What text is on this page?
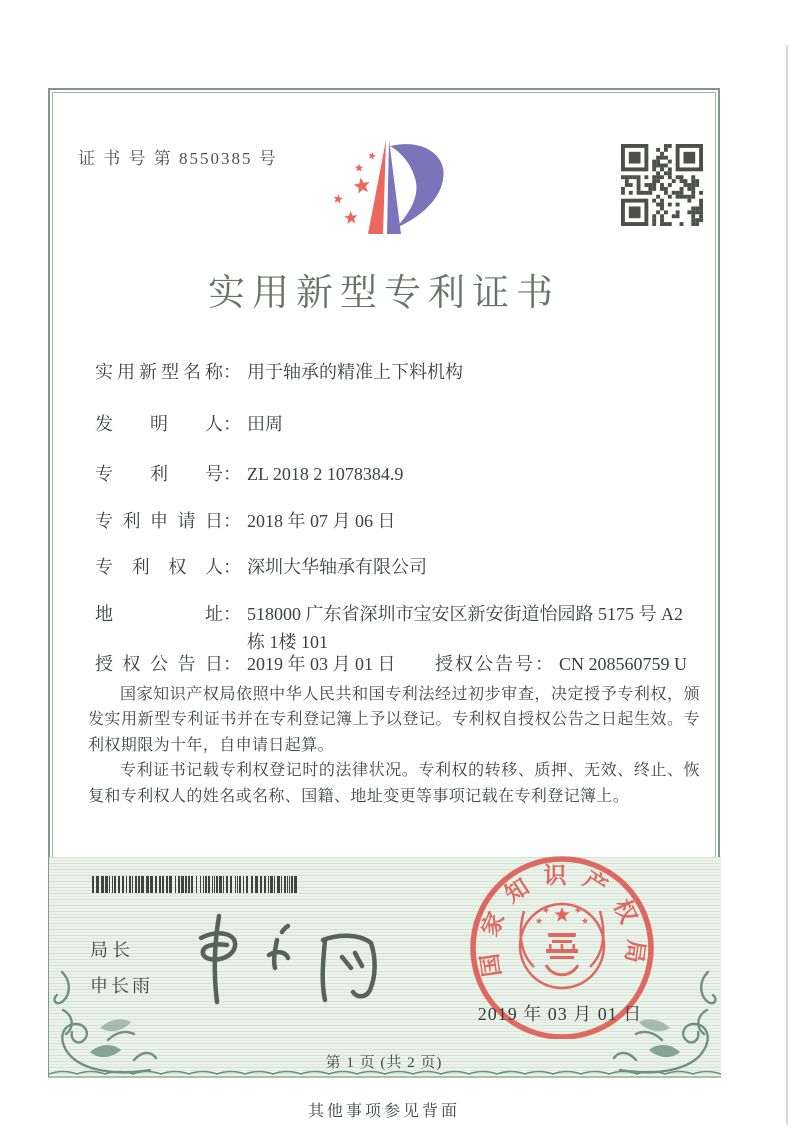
证 书 号 第 8550385 号
实用新型专利证书
实用新型名称： 用于轴承的精准上下料机构
发明人： 田周
专利号： ZL 2018 2 1078384.9
专利申请日： 2018 年 07 月 06 日
专利权人： 深圳大华轴承有限公司
地址： 518000 广东省深圳市宝安区新安街道怡园路 5175 号 A2 栋 1楼 101
授权公告日： 2019 年 03 月 01 日 授权公告号： CN 208560759 U

国家知识产权局依照中华人民共和国专利法经过初步审查，决定授予专利权，颁发实用新型专利证书并在专利登记簿上予以登记。专利权自授权公告之日起生效。专利权期限为十年，自申请日起算。

专利证书记载专利权登记时的法律状况。专利权的转移、质押、无效、终止、恢复和专利权人的姓名或名称、国籍、地址变更等事项记载在专利登记簿上。

局长
申长雨
国家知识产权局
2019 年 03 月 01 日
第 1 页 (共 2 页)
其他事项参见背面
